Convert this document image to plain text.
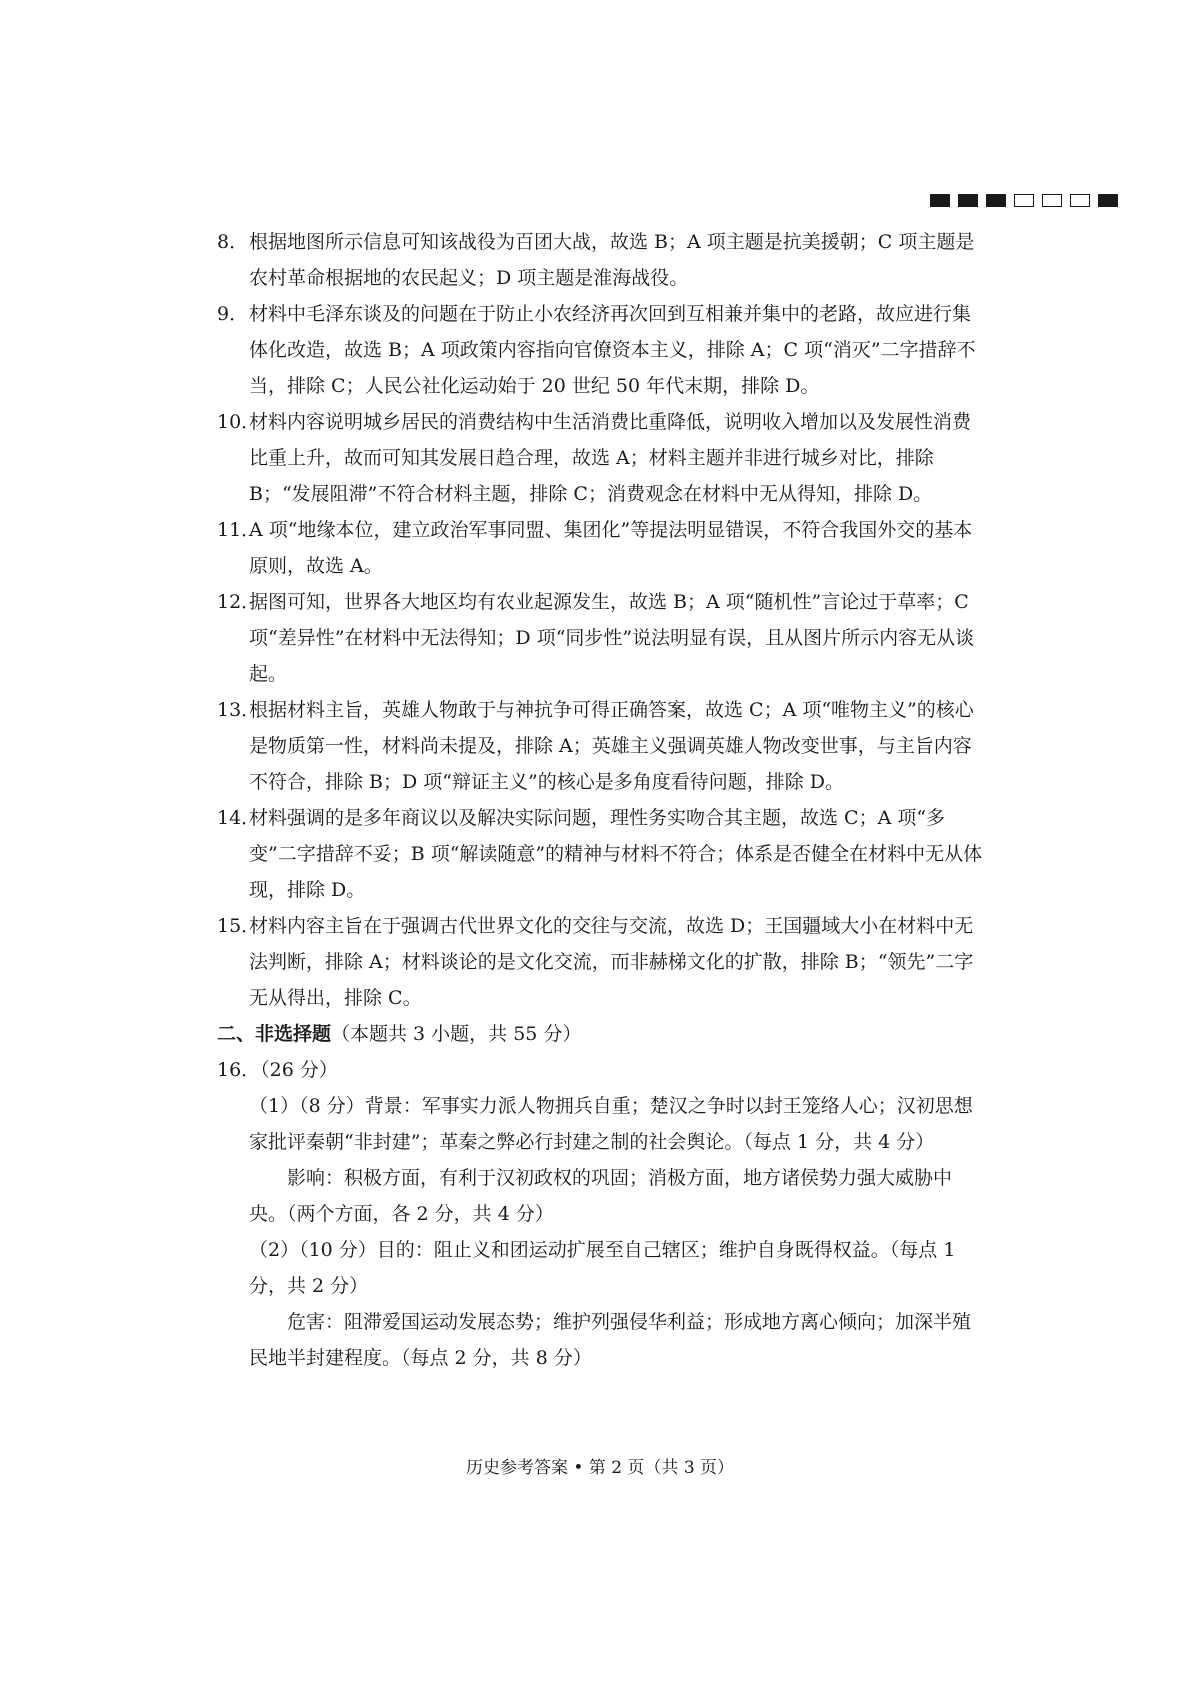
8． 根据地图所示信息可知该战役为百团大战，故选 B；A 项主题是抗美援朝；C 项主题是农村革命根据地的农民起义；D 项主题是淮海战役。
9． 材料中毛泽东谈及的问题在于防止小农经济再次回到互相兼并集中的老路，故应进行集体化改造，故选 B；A 项政策内容指向官僚资本主义，排除 A；C 项“消灭”二字措辞不当，排除 C；人民公社化运动始于 20 世纪 50 年代末期，排除 D。
10．
材料内容说明城乡居民的消费结构中生活消费比重降低，说明收入增加以及发展性消费比重上升，故而可知其发展日趋合理，故选 A；材料主题并非进行城乡对比，排除 B；“发展阻滞”不符合材料主题，排除 C；消费观念在材料中无从得知，排除 D。
11．
A 项“地缘本位，建立政治军事同盟、集团化”等提法明显错误，不符合我国外交的基本原则，故选 A。
12．
据图可知，世界各大地区均有农业起源发生，故选 B；A 项“随机性”言论过于草率；C 项“差异性”在材料中无法得知；D 项“同步性”说法明显有误，且从图片所示内容无从谈起。
13．
根据材料主旨，英雄人物敢于与神抗争可得正确答案，故选 C；A 项“唯物主义”的核心是物质第一性，材料尚未提及，排除 A；英雄主义强调英雄人物改变世事，与主旨内容不符合，排除 B；D 项“辩证主义”的核心是多角度看待问题，排除 D。
14．
材料强调的是多年商议以及解决实际问题，理性务实吻合其主题，故选 C；A 项“多变”二字措辞不妥；B 项“解读随意”的精神与材料不符合；体系是否健全在材料中无从体现，排除 D。
15．
材料内容主旨在于强调古代世界文化的交往与交流，故选 D；王国疆域大小在材料中无法判断，排除 A；材料谈论的是文化交流，而非赫梯文化的扩散，排除 B；“领先”二字无从得出，排除 C。
二、非选择题（本题共 3 小题，共 55 分）
16．（26 分）
（1）（8 分）背景：军事实力派人物拥兵自重；楚汉之争时以封王笼络人心；汉初思想家批评秦朝“非封建”；革秦之弊必行封建之制的社会舆论。（每点 1 分，共 4 分）
影响：积极方面，有利于汉初政权的巩固；消极方面，地方诸侯势力强大威胁中央。（两个方面，各 2 分，共 4 分）
（2）（10 分）目的：阻止义和团运动扩展至自己辖区；维护自身既得权益。（每点 1 分，共 2 分）
危害：阻滞爱国运动发展态势；维护列强侵华利益；形成地方离心倾向；加深半殖民地半封建程度。（每点 2 分，共 8 分）
历史参考答案 • 第 2 页（共 3 页）
